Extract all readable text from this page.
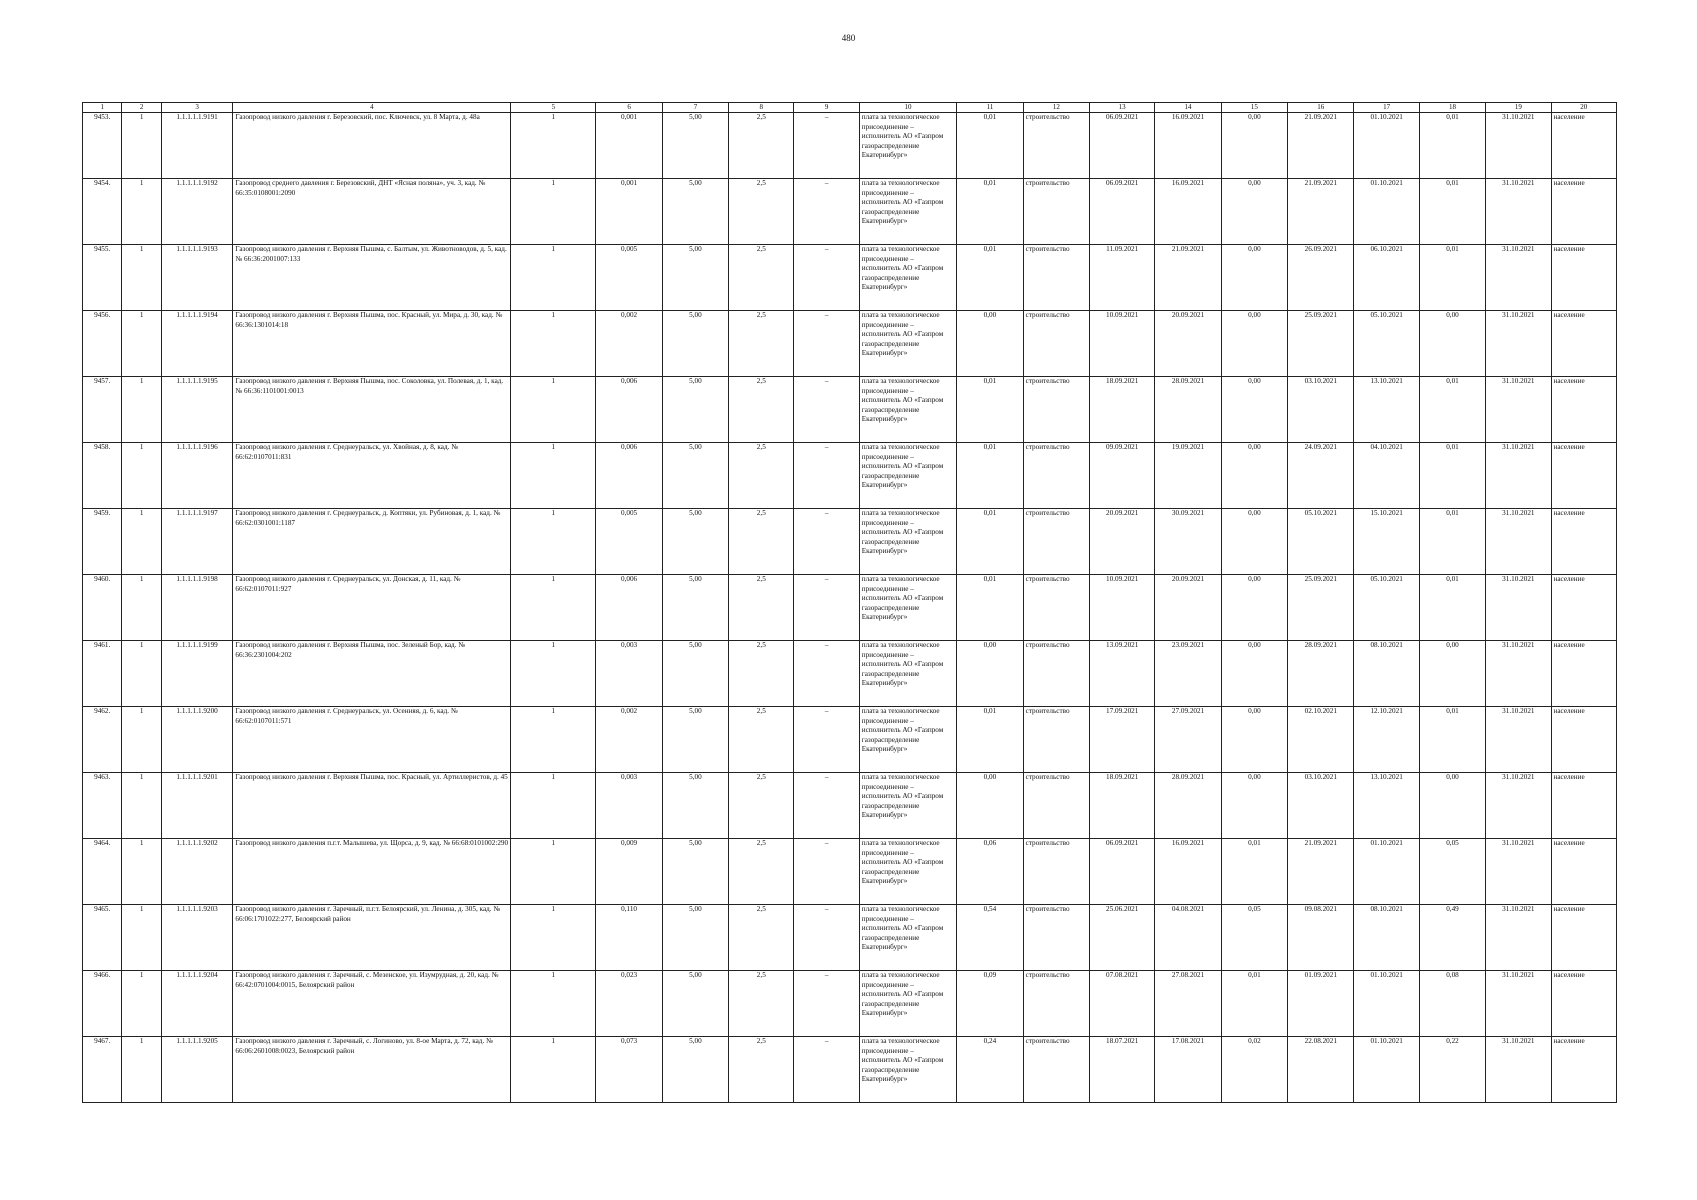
480
1	2	3	4	5	6	7	8	9	10	11	12	13	14	15	16	17	18	19	20
9453.	1	1.1.1.1.1.9191	Газопровод низкого давления г. Березовский, пос. Ключевск, ул. 8 Марта, д. 48а	1	0,001	5,00	2,5	–	плата за технологическое присоединение – исполнитель АО «Газпром газораспределение Екатеринбург»	0,01	строительство	06.09.2021	16.09.2021	0,00	21.09.2021	01.10.2021	0,01	31.10.2021	население
9454.	1	1.1.1.1.1.9192	Газопровод среднего давления г. Березовский, ДНТ «Ясная поляна», уч. 3, кад. № 66:35:0108001:2090	1	0,001	5,00	2,5	–	плата за технологическое присоединение – исполнитель АО «Газпром газораспределение Екатеринбург»	0,01	строительство	06.09.2021	16.09.2021	0,00	21.09.2021	01.10.2021	0,01	31.10.2021	население
9455.	1	1.1.1.1.1.9193	Газопровод низкого давления г. Верхняя Пышма, с. Балтым, ул. Животноводов, д. 5, кад. № 66:36:2001007:133	1	0,005	5,00	2,5	–	плата за технологическое присоединение – исполнитель АО «Газпром газораспределение Екатеринбург»	0,01	строительство	11.09.2021	21.09.2021	0,00	26.09.2021	06.10.2021	0,01	31.10.2021	население
9456.	1	1.1.1.1.1.9194	Газопровод низкого давления г. Верхняя Пышма, пос. Красный, ул. Мира, д. 30, кад. № 66:36:1301014:18	1	0,002	5,00	2,5	–	плата за технологическое присоединение – исполнитель АО «Газпром газораспределение Екатеринбург»	0,00	строительство	10.09.2021	20.09.2021	0,00	25.09.2021	05.10.2021	0,00	31.10.2021	население
9457.	1	1.1.1.1.1.9195	Газопровод низкого давления г. Верхняя Пышма, пос. Соколовка, ул. Полевая, д. 1, кад. № 66:36:1101001:0013	1	0,006	5,00	2,5	–	плата за технологическое присоединение – исполнитель АО «Газпром газораспределение Екатеринбург»	0,01	строительство	18.09.2021	28.09.2021	0,00	03.10.2021	13.10.2021	0,01	31.10.2021	население
9458.	1	1.1.1.1.1.9196	Газопровод низкого давления г. Среднеуральск, ул. Хвойная, д. 8, кад. № 66:62:0107011:831	1	0,006	5,00	2,5	–	плата за технологическое присоединение – исполнитель АО «Газпром газораспределение Екатеринбург»	0,01	строительство	09.09.2021	19.09.2021	0,00	24.09.2021	04.10.2021	0,01	31.10.2021	население
9459.	1	1.1.1.1.1.9197	Газопровод низкого давления г. Среднеуральск, д. Коптяки, ул. Рубиновая, д. 1, кад. № 66:62:0301001:1187	1	0,005	5,00	2,5	–	плата за технологическое присоединение – исполнитель АО «Газпром газораспределение Екатеринбург»	0,01	строительство	20.09.2021	30.09.2021	0,00	05.10.2021	15.10.2021	0,01	31.10.2021	население
9460.	1	1.1.1.1.1.9198	Газопровод низкого давления г. Среднеуральск, ул. Донская, д. 11, кад. № 66:62:0107011:927	1	0,006	5,00	2,5	–	плата за технологическое присоединение – исполнитель АО «Газпром газораспределение Екатеринбург»	0,01	строительство	10.09.2021	20.09.2021	0,00	25.09.2021	05.10.2021	0,01	31.10.2021	население
9461.	1	1.1.1.1.1.9199	Газопровод низкого давления г. Верхняя Пышма, пос. Зеленый Бор, кад. № 66:36:2301004:202	1	0,003	5,00	2,5	–	плата за технологическое присоединение – исполнитель АО «Газпром газораспределение Екатеринбург»	0,00	строительство	13.09.2021	23.09.2021	0,00	28.09.2021	08.10.2021	0,00	31.10.2021	население
9462.	1	1.1.1.1.1.9200	Газопровод низкого давления г. Среднеуральск, ул. Осенняя, д. 6, кад. № 66:62:0107011:571	1	0,002	5,00	2,5	–	плата за технологическое присоединение – исполнитель АО «Газпром газораспределение Екатеринбург»	0,01	строительство	17.09.2021	27.09.2021	0,00	02.10.2021	12.10.2021	0,01	31.10.2021	население
9463.	1	1.1.1.1.1.9201	Газопровод низкого давления г. Верхняя Пышма, пос. Красный, ул. Артиллеристов, д. 45	1	0,003	5,00	2,5	–	плата за технологическое присоединение – исполнитель АО «Газпром газораспределение Екатеринбург»	0,00	строительство	18.09.2021	28.09.2021	0,00	03.10.2021	13.10.2021	0,00	31.10.2021	население
9464.	1	1.1.1.1.1.9202	Газопровод низкого давления п.г.т. Малышева, ул. Щорса, д. 9, кад. № 66:68:0101002:290	1	0,009	5,00	2,5	–	плата за технологическое присоединение – исполнитель АО «Газпром газораспределение Екатеринбург»	0,06	строительство	06.09.2021	16.09.2021	0,01	21.09.2021	01.10.2021	0,05	31.10.2021	население
9465.	1	1.1.1.1.1.9203	Газопровод низкого давления г. Заречный, п.г.т. Белоярский, ул. Ленина, д. 305, кад. № 66:06:1701022:277, Белоярский район	1	0,110	5,00	2,5	–	плата за технологическое присоединение – исполнитель АО «Газпром газораспределение Екатеринбург»	0,54	строительство	25.06.2021	04.08.2021	0,05	09.08.2021	08.10.2021	0,49	31.10.2021	население
9466.	1	1.1.1.1.1.9204	Газопровод низкого давления г. Заречный, с. Мезенское, ул. Изумрудная, д. 20, кад. № 66:42:0701004:0015, Белоярский район	1	0,023	5,00	2,5	–	плата за технологическое присоединение – исполнитель АО «Газпром газораспределение Екатеринбург»	0,09	строительство	07.08.2021	27.08.2021	0,01	01.09.2021	01.10.2021	0,08	31.10.2021	население
9467.	1	1.1.1.1.1.9205	Газопровод низкого давления г. Заречный, с. Логиново, ул. 8-ое Марта, д. 72, кад. № 66:06:2601008:0023, Белоярский район	1	0,073	5,00	2,5	–	плата за технологическое присоединение – исполнитель АО «Газпром газораспределение Екатеринбург»	0,24	строительство	18.07.2021	17.08.2021	0,02	22.08.2021	01.10.2021	0,22	31.10.2021	население
